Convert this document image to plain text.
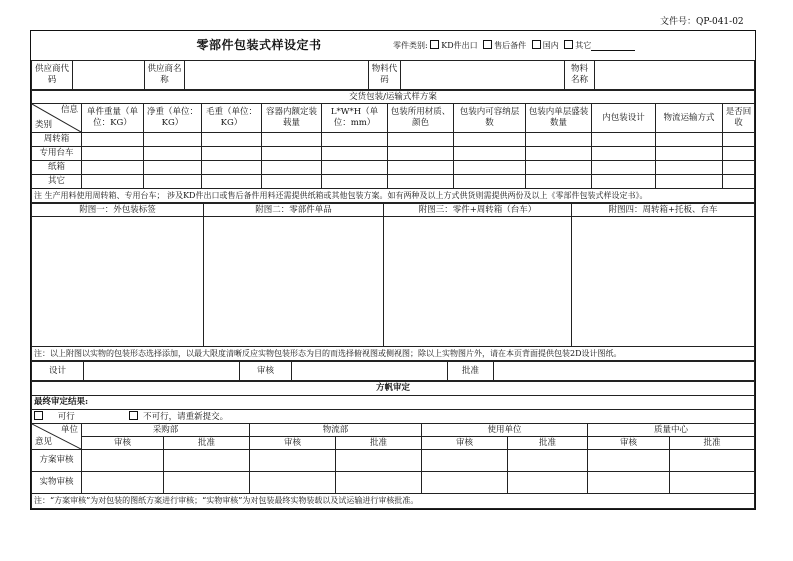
文件号：QP-041-02
	零部件包装式样设定书	零件类别: KD件出口 售后备件 国内 其它
供应商代码		供应商名称		物料代码		物料名称	
交货包装/运输式样方案											

信息
类别	单件重量（单位：KG）	净重（单位：KG）	毛重（单位：KG）	容器内额定装载量	L*W*H（单位：mm）	包装所用材质、颜色	包装内可容纳层数	包装内单层盛装数量	内包装设计	物流运输方式	是否回收
周转箱											
专用台车											
纸箱											
其它											
注 生产用料使用周转箱、专用台车； 涉及KD件出口或售后备件用料还需提供纸箱或其他包装方案。如有两种及以上方式供货则需提供两份及以上《零部件包装式样设定书》。											
附图一：外包装标签	附图二：零部件单品	附图三：零件+周转箱（台车）	附图四：周转箱+托板、台车

注：以上附图以实物的包装形态选择添加，以最大限度清晰反应实物包装形态为目的而选择俯视图或侧视图；除以上实物图片外，请在本页背面提供包装2D设计图纸。			
设计		审核		批准	
方帆审定								
最终审定结果:								
可行 不可行，请重新提交。								

单位
意见	采购部		物流部		使用单位		质量中心	
	审核	批准	审核	批准	审核	批准	审核	批准
方案审核								
实物审核								
注：“方案审核”为对包装的图纸方案进行审核；“实物审核”为对包装最终实物装载以及试运输进行审核批准。								
